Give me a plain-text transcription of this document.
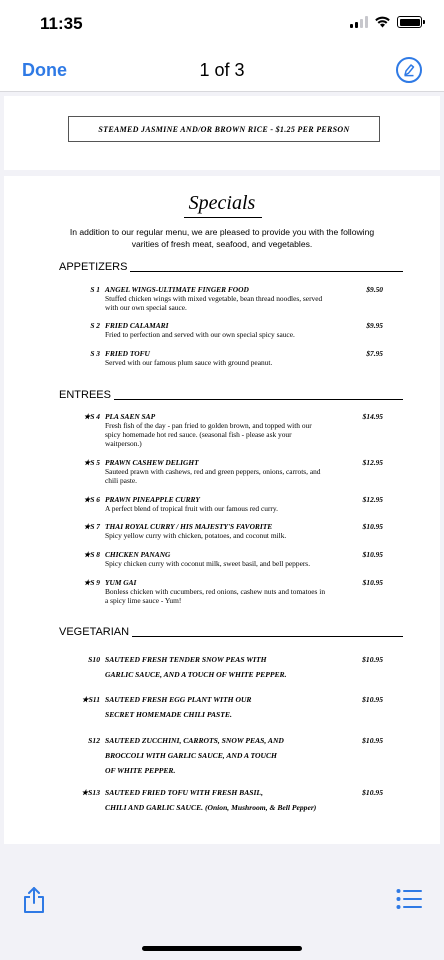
11:35
Done	1 of 3
STEAMED JASMINE AND/OR BROWN RICE - $1.25 PER PERSON
Specials
In addition to our regular menu, we are pleased to provide you with the following
varities of fresh meat, seafood, and vegetables.
APPETIZERS
S 1 ANGEL WINGS-ULTIMATE FINGER FOOD	$9.50
Stuffed chicken wings with mixed vegetable, bean thread noodles, served
with our own special sauce.
S 2 FRIED CALAMARI	$9.95
Fried to perfection and served with our own special spicy sauce.
S 3 FRIED TOFU	$7.95
Served with our famous plum sauce with ground peanut.
ENTREES
★S 4 PLA SAEN SAP	$14.95
Fresh fish of the day - pan fried to golden brown, and topped with our
spicy homemade hot red sauce. (seasonal fish - please ask your
waitperson.)
★S 5 PRAWN CASHEW DELIGHT	$12.95
Sauteed prawn with cashews, red and green peppers, onions, carrots, and
chili paste.
★S 6 PRAWN PINEAPPLE CURRY	$12.95
A perfect blend of tropical fruit with our famous red curry.
★S 7 THAI ROYAL CURRY / HIS MAJESTY'S FAVORITE	$10.95
Spicy yellow curry with chicken, potatoes, and coconut milk.
★S 8 CHICKEN PANANG	$10.95
Spicy chicken curry with coconut milk, sweet basil, and bell peppers.
★S 9 YUM GAI	$10.95
Bonless chicken with cucumbers, red onions, cashew nuts and tomatoes in
a spicy lime sauce - Yum!
VEGETARIAN
S10	$10.95
SAUTEED FRESH TENDER SNOW PEAS WITH
GARLIC SAUCE, AND A TOUCH OF WHITE PEPPER.
★S11	$10.95
SAUTEED FRESH EGG PLANT WITH OUR
SECRET HOMEMADE CHILI PASTE.
S12	$10.95
SAUTEED ZUCCHINI, CARROTS, SNOW PEAS, AND
BROCCOLI WITH GARLIC SAUCE, AND A TOUCH
OF WHITE PEPPER.
★S13	$10.95
SAUTEED FRIED TOFU WITH FRESH BASIL,
CHILI AND GARLIC SAUCE. (Onion, Mushroom, & Bell Pepper)
